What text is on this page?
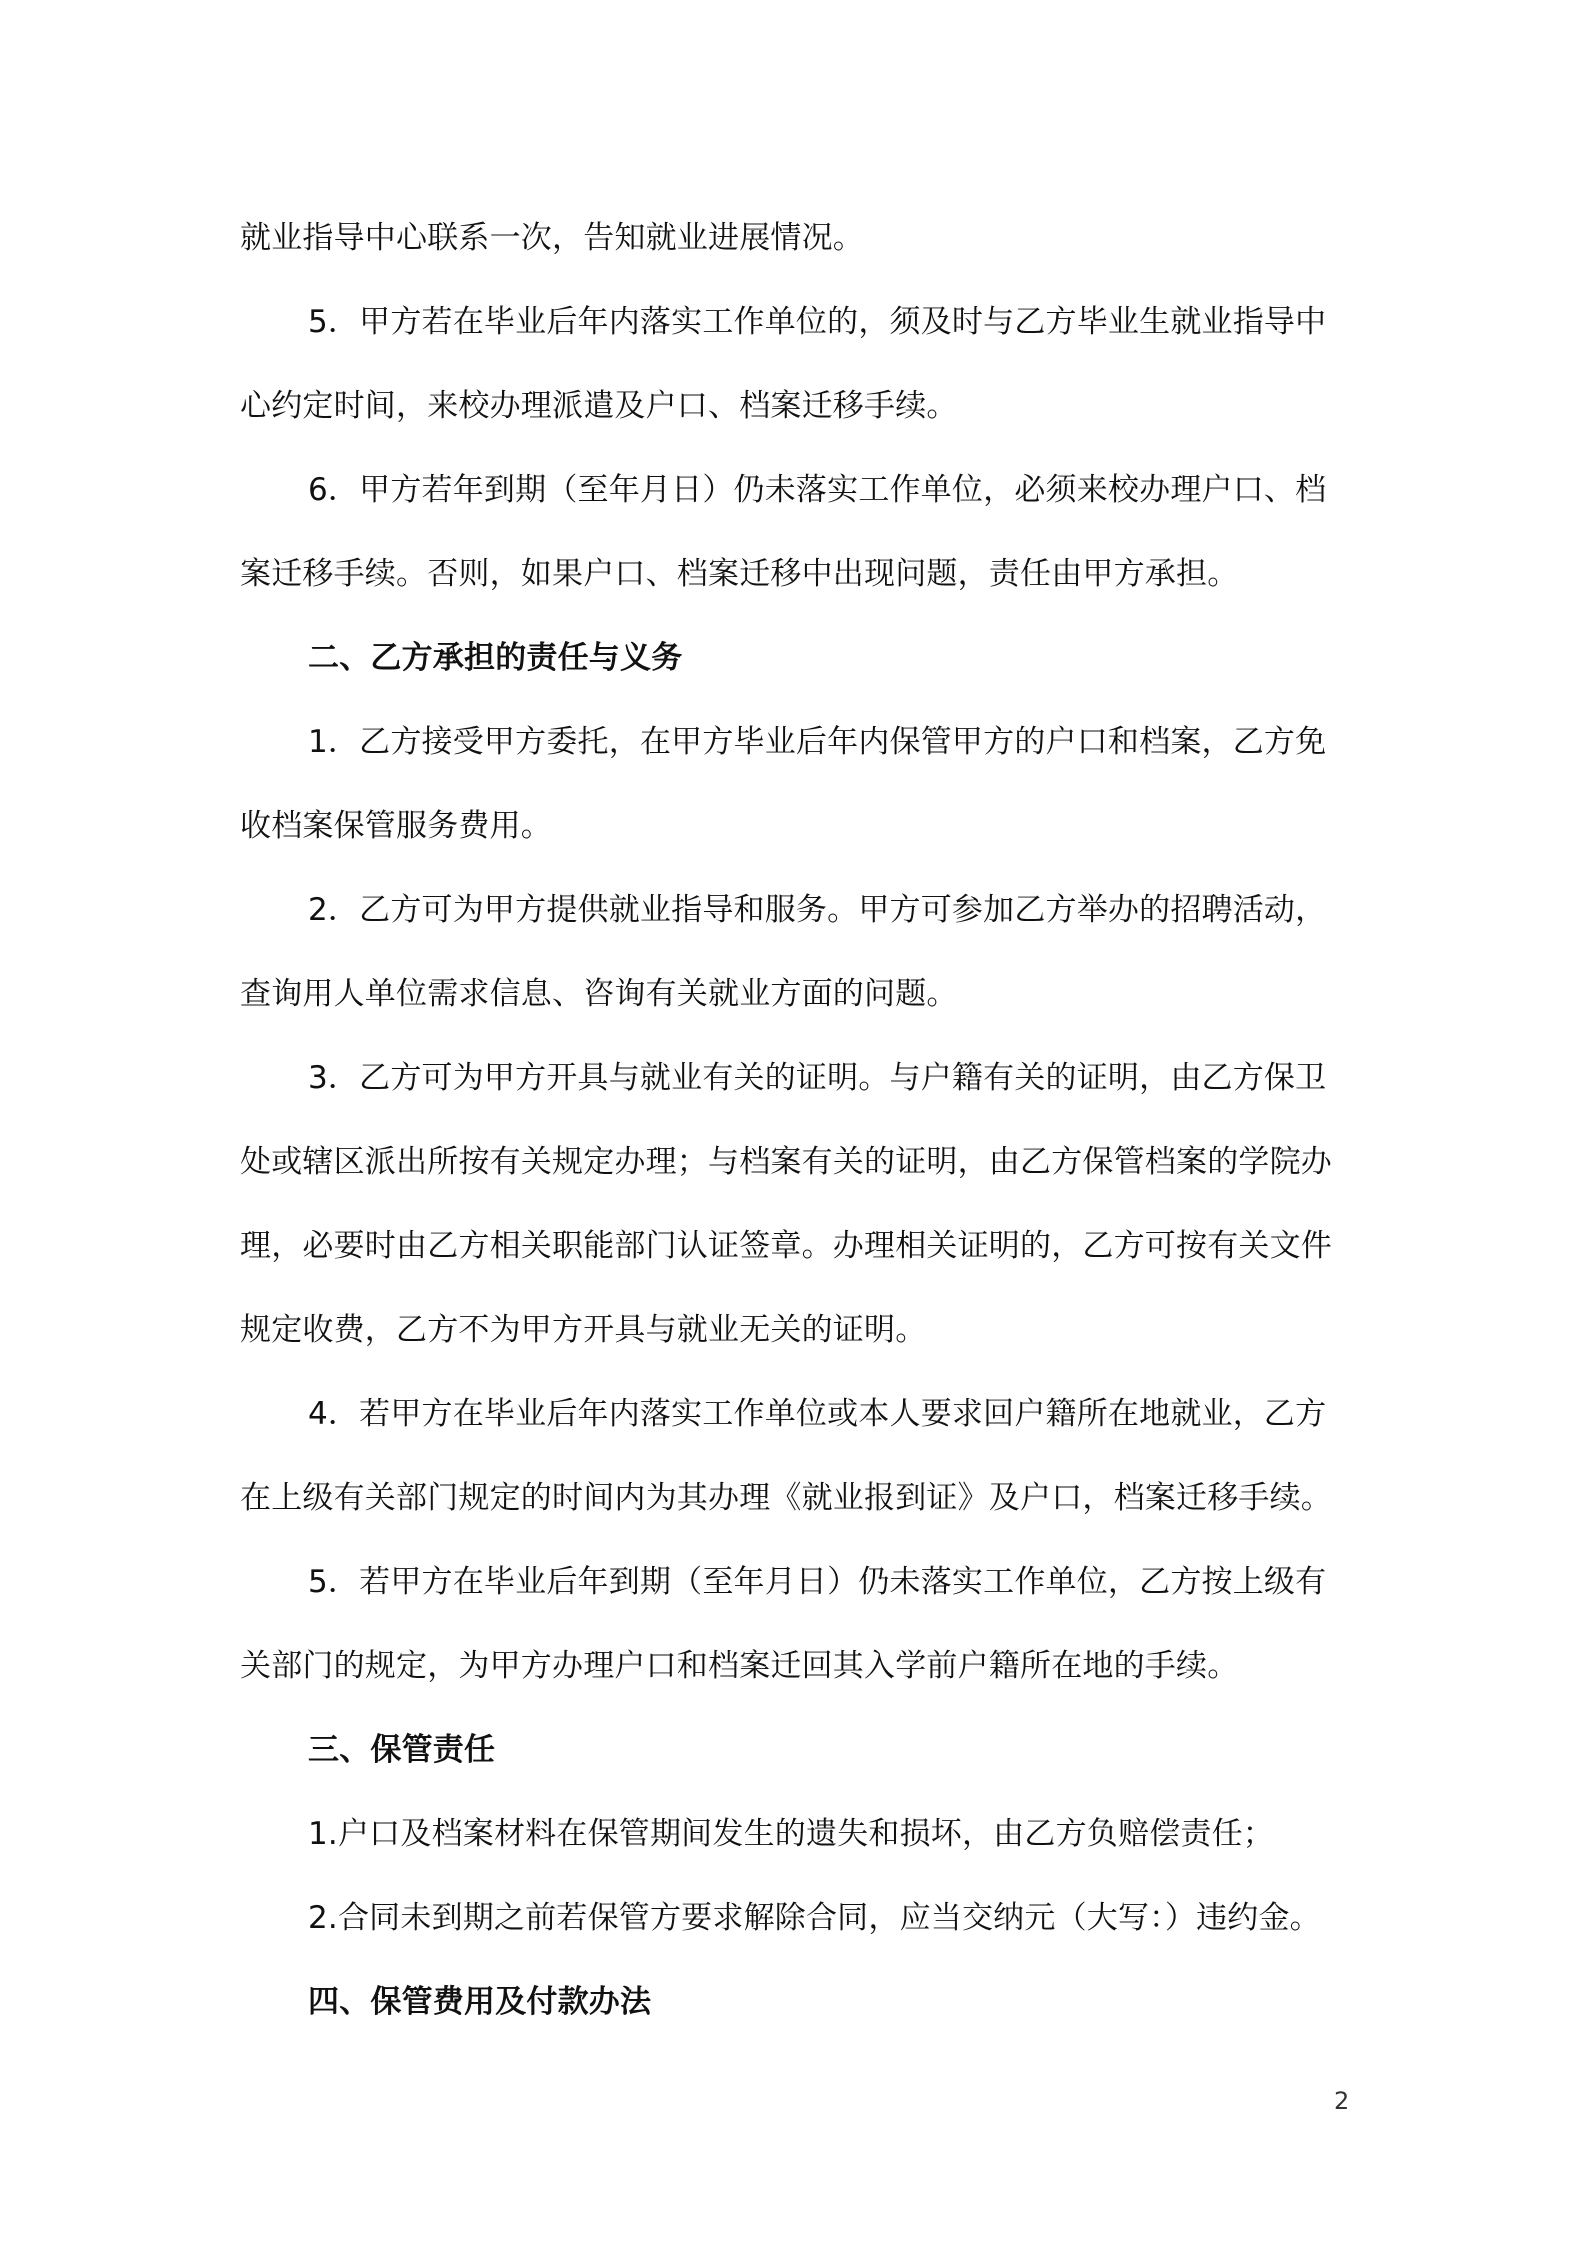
就业指导中心联系一次，告知就业进展情况。
5．甲方若在毕业后年内落实工作单位的，须及时与乙方毕业生就业指导中
心约定时间，来校办理派遣及户口、档案迁移手续。
6．甲方若年到期（至年月日）仍未落实工作单位，必须来校办理户口、档
案迁移手续。否则，如果户口、档案迁移中出现问题，责任由甲方承担。
二、乙方承担的责任与义务
1．乙方接受甲方委托，在甲方毕业后年内保管甲方的户口和档案，乙方免
收档案保管服务费用。
2．乙方可为甲方提供就业指导和服务。甲方可参加乙方举办的招聘活动，
查询用人单位需求信息、咨询有关就业方面的问题。
3．乙方可为甲方开具与就业有关的证明。与户籍有关的证明，由乙方保卫
处或辖区派出所按有关规定办理；与档案有关的证明，由乙方保管档案的学院办
理，必要时由乙方相关职能部门认证签章。办理相关证明的，乙方可按有关文件
规定收费，乙方不为甲方开具与就业无关的证明。
4．若甲方在毕业后年内落实工作单位或本人要求回户籍所在地就业，乙方
在上级有关部门规定的时间内为其办理《就业报到证》及户口，档案迁移手续。
5．若甲方在毕业后年到期（至年月日）仍未落实工作单位，乙方按上级有
关部门的规定，为甲方办理户口和档案迁回其入学前户籍所在地的手续。
三、保管责任
1.户口及档案材料在保管期间发生的遗失和损坏，由乙方负赔偿责任；
2.合同未到期之前若保管方要求解除合同，应当交纳元（大写：）违约金。
四、保管费用及付款办法
2
